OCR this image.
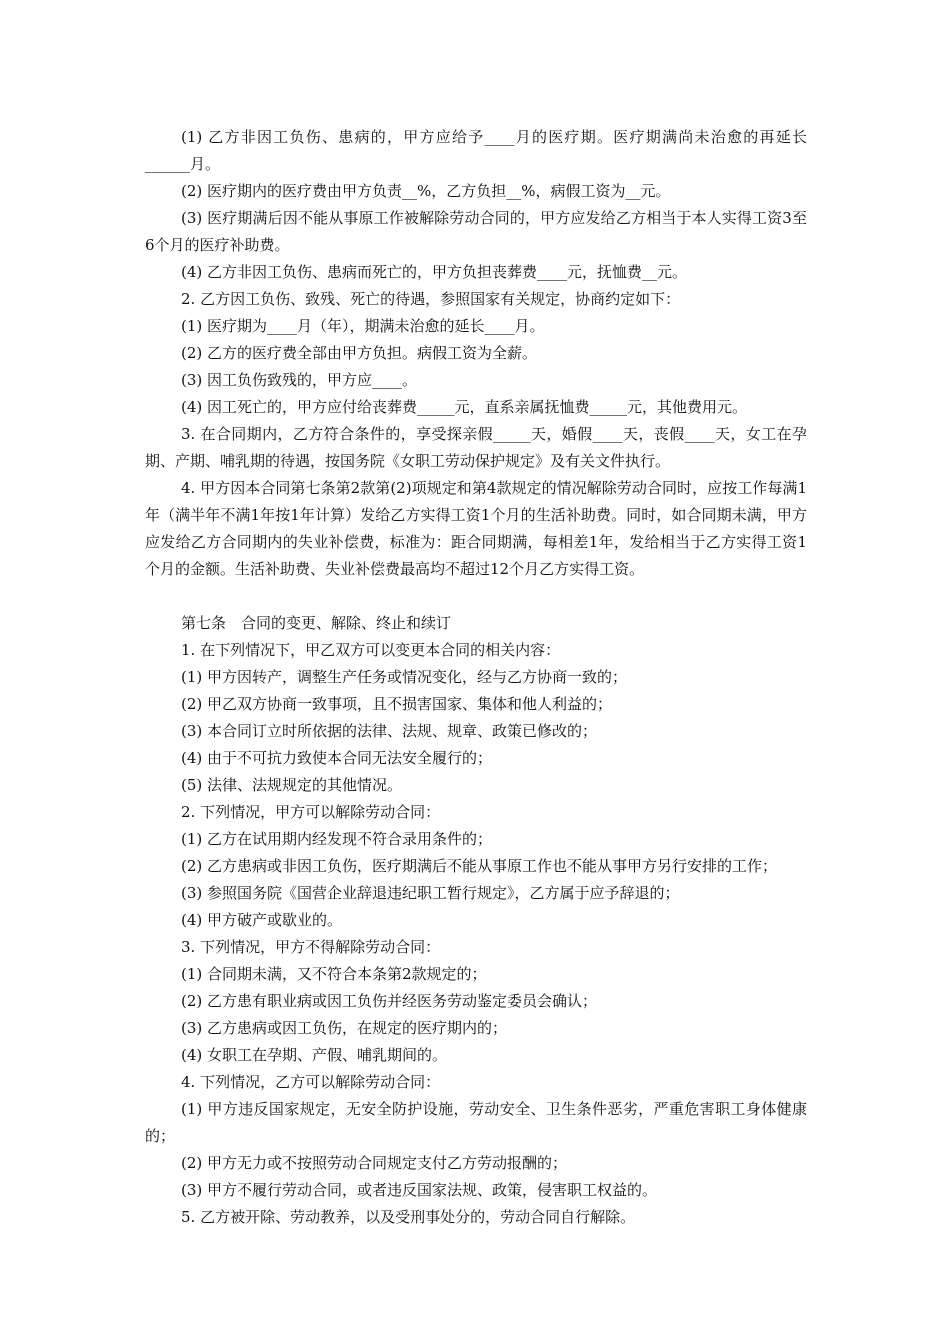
(1) 乙方非因工负伤、患病的，甲方应给予____月的医疗期。医疗期满尚未治愈的再延长______月。

(2) 医疗期内的医疗费由甲方负责__%，乙方负担__%，病假工资为__元。

(3) 医疗期满后因不能从事原工作被解除劳动合同的，甲方应发给乙方相当于本人实得工资3至6个月的医疗补助费。

(4) 乙方非因工负伤、患病而死亡的，甲方负担丧葬费____元，抚恤费__元。

2. 乙方因工负伤、致残、死亡的待遇，参照国家有关规定，协商约定如下：

(1) 医疗期为____月（年），期满未治愈的延长____月。

(2) 乙方的医疗费全部由甲方负担。病假工资为全薪。

(3) 因工负伤致残的，甲方应____。

(4) 因工死亡的，甲方应付给丧葬费_____元，直系亲属抚恤费_____元，其他费用元。

3. 在合同期内，乙方符合条件的，享受探亲假_____天，婚假____天，丧假____天，女工在孕期、产期、哺乳期的待遇，按国务院《女职工劳动保护规定》及有关文件执行。

4. 甲方因本合同第七条第2款第(2)项规定和第4款规定的情况解除劳动合同时，应按工作每满1年（满半年不满1年按1年计算）发给乙方实得工资1个月的生活补助费。同时，如合同期未满，甲方应发给乙方合同期内的失业补偿费，标准为：距合同期满，每相差1年，发给相当于乙方实得工资1个月的金额。生活补助费、失业补偿费最高均不超过12个月乙方实得工资。

第七条　合同的变更、解除、终止和续订

1. 在下列情况下，甲乙双方可以变更本合同的相关内容：

(1) 甲方因转产，调整生产任务或情况变化，经与乙方协商一致的；

(2) 甲乙双方协商一致事项，且不损害国家、集体和他人利益的；

(3) 本合同订立时所依据的法律、法规、规章、政策已修改的；

(4) 由于不可抗力致使本合同无法安全履行的；

(5) 法律、法规规定的其他情况。

2. 下列情况，甲方可以解除劳动合同：

(1) 乙方在试用期内经发现不符合录用条件的；

(2) 乙方患病或非因工负伤，医疗期满后不能从事原工作也不能从事甲方另行安排的工作；

(3) 参照国务院《国营企业辞退违纪职工暂行规定》，乙方属于应予辞退的；

(4) 甲方破产或歇业的。

3. 下列情况，甲方不得解除劳动合同：

(1) 合同期未满，又不符合本条第2款规定的；

(2) 乙方患有职业病或因工负伤并经医务劳动鉴定委员会确认；

(3) 乙方患病或因工负伤，在规定的医疗期内的；

(4) 女职工在孕期、产假、哺乳期间的。

4. 下列情况，乙方可以解除劳动合同：

(1) 甲方违反国家规定，无安全防护设施，劳动安全、卫生条件恶劣，严重危害职工身体健康的；

(2) 甲方无力或不按照劳动合同规定支付乙方劳动报酬的；

(3) 甲方不履行劳动合同，或者违反国家法规、政策，侵害职工权益的。

5. 乙方被开除、劳动教养，以及受刑事处分的，劳动合同自行解除。
